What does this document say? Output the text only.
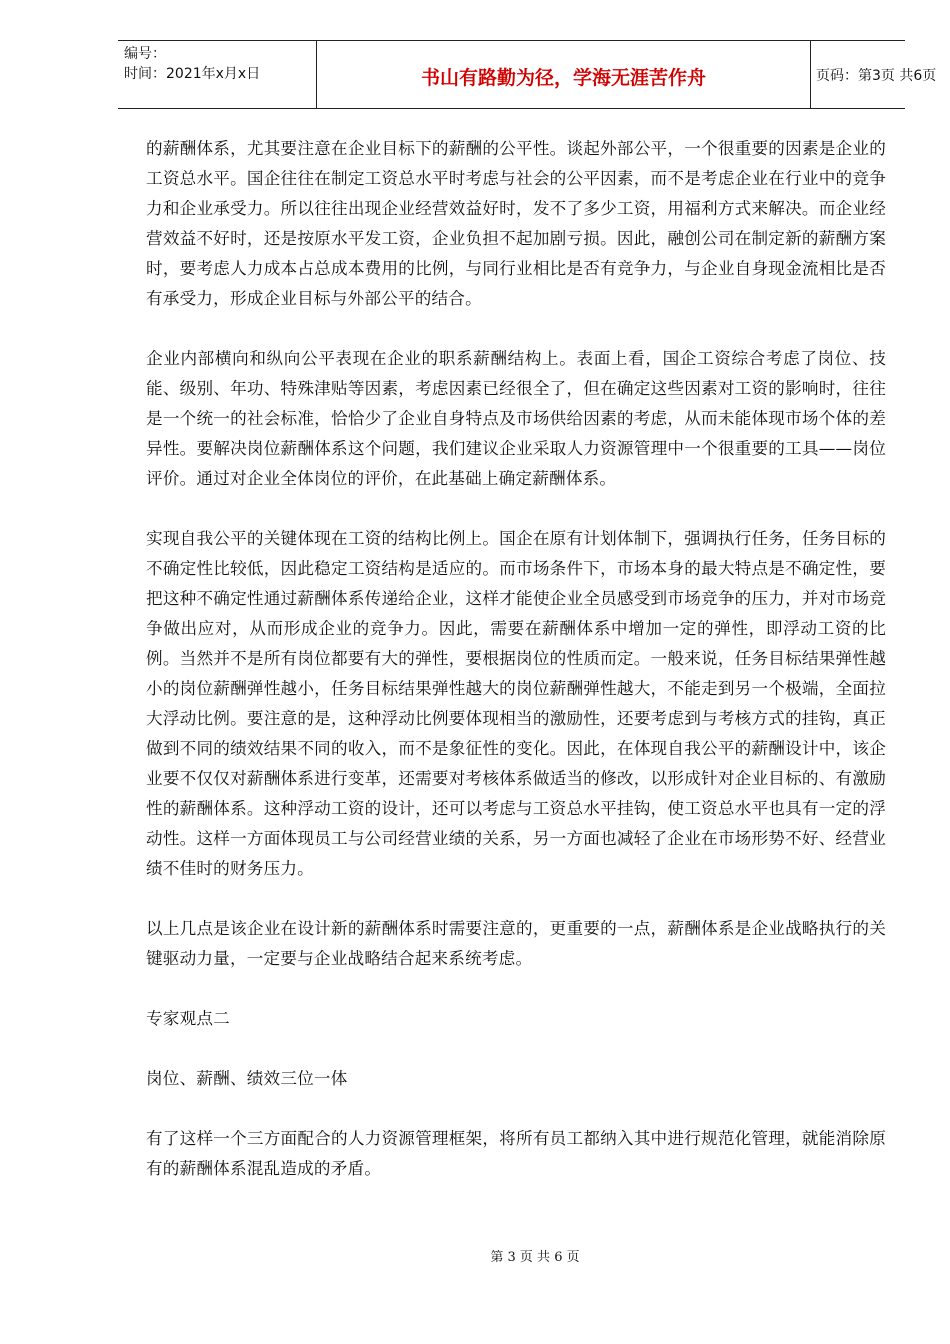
编号：
时间：2021年x月x日	书山有路勤为径，学海无涯苦作舟	页码：第3页 共6页

的薪酬体系，尤其要注意在企业目标下的薪酬的公平性。谈起外部公平，一个很重要的因素是企业的工资总水平。国企往往在制定工资总水平时考虑与社会的公平因素，而不是考虑企业在行业中的竞争力和企业承受力。所以往往出现企业经营效益好时，发不了多少工资，用福利方式来解决。而企业经营效益不好时，还是按原水平发工资，企业负担不起加剧亏损。因此，融创公司在制定新的薪酬方案时，要考虑人力成本占总成本费用的比例，与同行业相比是否有竞争力，与企业自身现金流相比是否有承受力，形成企业目标与外部公平的结合。

企业内部横向和纵向公平表现在企业的职系薪酬结构上。表面上看，国企工资综合考虑了岗位、技能、级别、年功、特殊津贴等因素，考虑因素已经很全了，但在确定这些因素对工资的影响时，往往是一个统一的社会标准，恰恰少了企业自身特点及市场供给因素的考虑，从而未能体现市场个体的差异性。要解决岗位薪酬体系这个问题，我们建议企业采取人力资源管理中一个很重要的工具——岗位评价。通过对企业全体岗位的评价，在此基础上确定薪酬体系。

实现自我公平的关键体现在工资的结构比例上。国企在原有计划体制下，强调执行任务，任务目标的不确定性比较低，因此稳定工资结构是适应的。而市场条件下，市场本身的最大特点是不确定性，要把这种不确定性通过薪酬体系传递给企业，这样才能使企业全员感受到市场竞争的压力，并对市场竞争做出应对，从而形成企业的竞争力。因此，需要在薪酬体系中增加一定的弹性，即浮动工资的比例。当然并不是所有岗位都要有大的弹性，要根据岗位的性质而定。一般来说，任务目标结果弹性越小的岗位薪酬弹性越小，任务目标结果弹性越大的岗位薪酬弹性越大，不能走到另一个极端，全面拉大浮动比例。要注意的是，这种浮动比例要体现相当的激励性，还要考虑到与考核方式的挂钩，真正做到不同的绩效结果不同的收入，而不是象征性的变化。因此，在体现自我公平的薪酬设计中，该企业要不仅仅对薪酬体系进行变革，还需要对考核体系做适当的修改，以形成针对企业目标的、有激励性的薪酬体系。这种浮动工资的设计，还可以考虑与工资总水平挂钩，使工资总水平也具有一定的浮动性。这样一方面体现员工与公司经营业绩的关系，另一方面也减轻了企业在市场形势不好、经营业绩不佳时的财务压力。

以上几点是该企业在设计新的薪酬体系时需要注意的，更重要的一点，薪酬体系是企业战略执行的关键驱动力量，一定要与企业战略结合起来系统考虑。

专家观点二

岗位、薪酬、绩效三位一体

有了这样一个三方面配合的人力资源管理框架，将所有员工都纳入其中进行规范化管理，就能消除原有的薪酬体系混乱造成的矛盾。

第 3 页 共 6 页
